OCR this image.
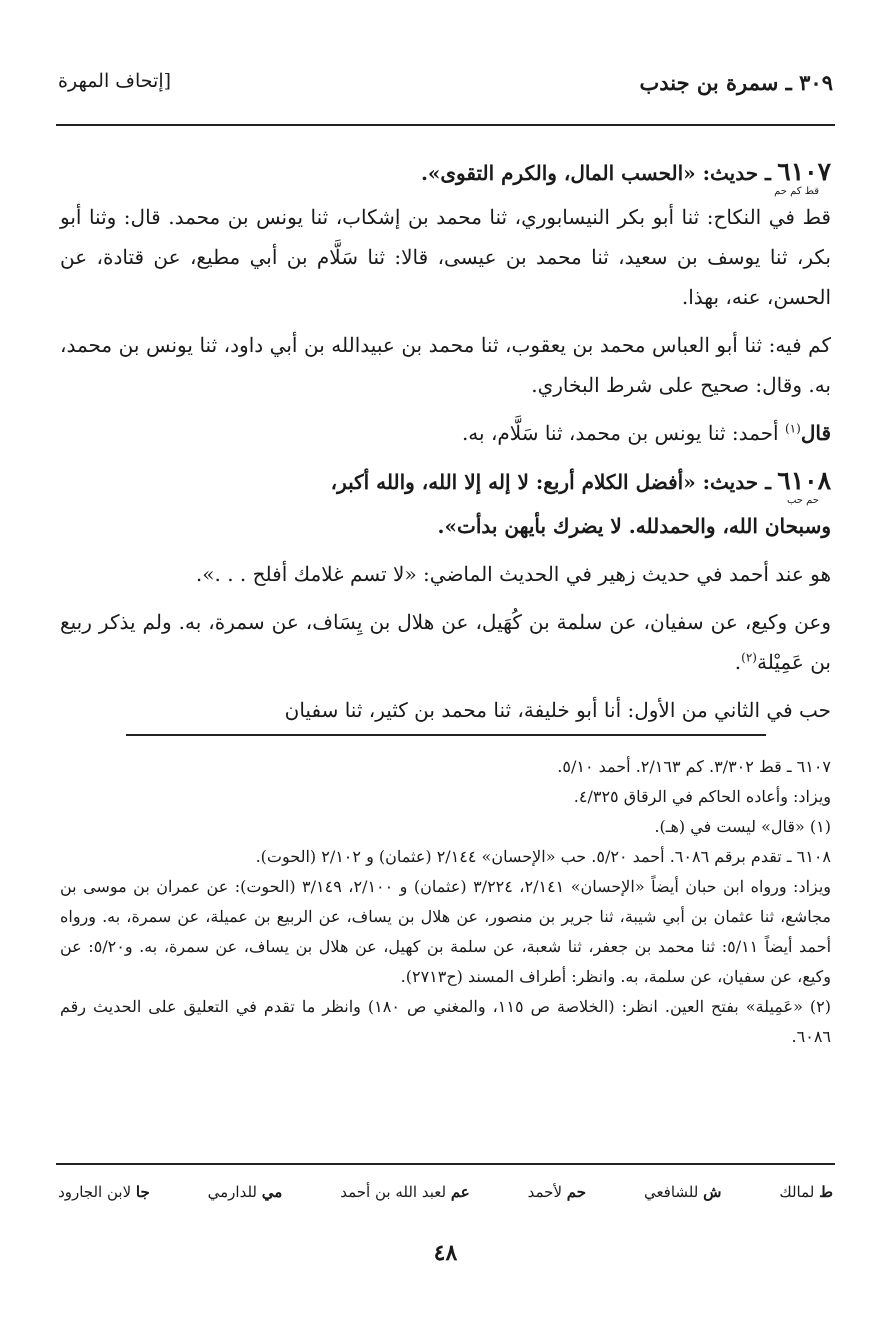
٣٠٩ ـ سمرة بن جندب
[إتحاف المهرة

٦١٠٧ ـ حديث: «الحسب المال، والكرم التقوى».

قط كم حم

قط في النكاح: ثنا أبو بكر النيسابوري، ثنا محمد بن إشكاب، ثنا يونس بن محمد. قال: وثنا أبو بكر، ثنا يوسف بن سعيد، ثنا محمد بن عيسى، قالا: ثنا سَلَّام بن أبي مطيع، عن قتادة، عن الحسن، عنه، بهذا.

كم فيه: ثنا أبو العباس محمد بن يعقوب، ثنا محمد بن عبيدالله بن أبي داود، ثنا يونس بن محمد، به. وقال: صحيح على شرط البخاري.

قال$^{(١)}$ أحمد: ثنا يونس بن محمد، ثنا سَلَّام، به.

٦١٠٨ ـ حديث: «أفضل الكلام أربع: لا إله إلا الله، والله أكبر،

حم حب

وسبحان الله، والحمدلله. لا يضرك بأيهن بدأت».

هو عند أحمد في حديث زهير في الحديث الماضي: «لا تسم غلامك أفلح . . .».

وعن وكيع، عن سفيان، عن سلمة بن كُهَيل، عن هلال بن يِسَاف، عن سمرة، به. ولم يذكر ربيع بن عَمِيْلة$^{(٢)}$.

حب في الثاني من الأول: أنا أبو خليفة، ثنا محمد بن كثير، ثنا سفيان

٦١٠٧ ـ قط ٣/٣٠٢. كم ٢/١٦٣. أحمد ٥/١٠.

ويزاد: وأعاده الحاكم في الرقاق ٤/٣٢٥.

(١) «قال» ليست في (هـ).

٦١٠٨ ـ تقدم برقم ٦٠٨٦. أحمد ٥/٢٠. حب «الإحسان» ٢/١٤٤ (عثمان) و ٢/١٠٢ (الحوت).

ويزاد: ورواه ابن حبان أيضاً «الإحسان» ٢/١٤١، ٣/٢٢٤ (عثمان) و ٢/١٠٠، ٣/١٤٩ (الحوت): عن عمران بن موسى بن مجاشع، ثنا عثمان بن أبي شيبة، ثنا جرير بن منصور، عن هلال بن يساف، عن الربيع بن عميلة، عن سمرة، به. ورواه أحمد أيضاً ٥/١١: ثنا محمد بن جعفر، ثنا شعبة، عن سلمة بن كهيل، عن هلال بن يساف، عن سمرة، به. و٥/٢٠: عن وكيع، عن سفيان، عن سلمة، به. وانظر: أطراف المسند (ح٢٧١٣).

(٢) «عَمِيلة» بفتح العين. انظر: (الخلاصة ص ١١٥، والمغني ص ١٨٠) وانظر ما تقدم في التعليق على الحديث رقم ٦٠٨٦.

ط لمالك
ش للشافعي
حم لأحمد
عم لعبد الله بن أحمد
مي للدارمي
جا لابن الجارود
٤٨
